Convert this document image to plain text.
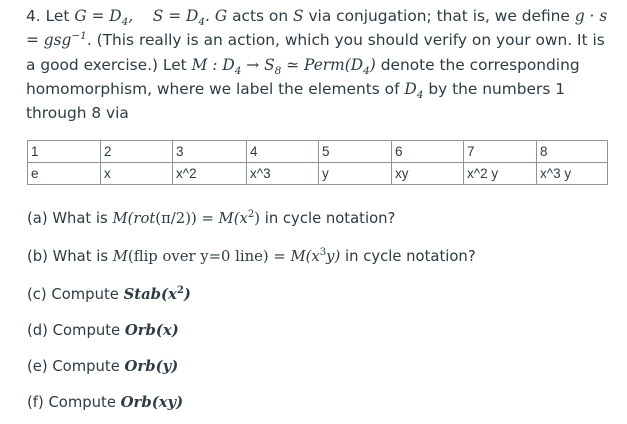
4. Let $G = D_4$, $S = D_4$. G acts on S via conjugation; that is, we define g · s = gsg$^{-1}$. (This really is an action, which you should verify on your own. It is a good exercise.) Let M : $D_4 \to S_8$ ≃ $Perm(D_4)$ denote the corresponding homomorphism, where we label the elements of $D_4$ by the numbers 1 through 8 via
1	2	3	4	5	6	7	8
e	x	x^2	x^3	y	xy	x^2 y	x^3 y
(a) What is $M(rot(\pi/2)) = M(x^2)$ in cycle notation?
(b) What is M(flip over y=0 line) = $M(x^3y)$ in cycle notation?
(c) Compute $Stab(x^2)$
(d) Compute Orb(x)
(e) Compute Orb(y)
(f) Compute Orb(xy)
